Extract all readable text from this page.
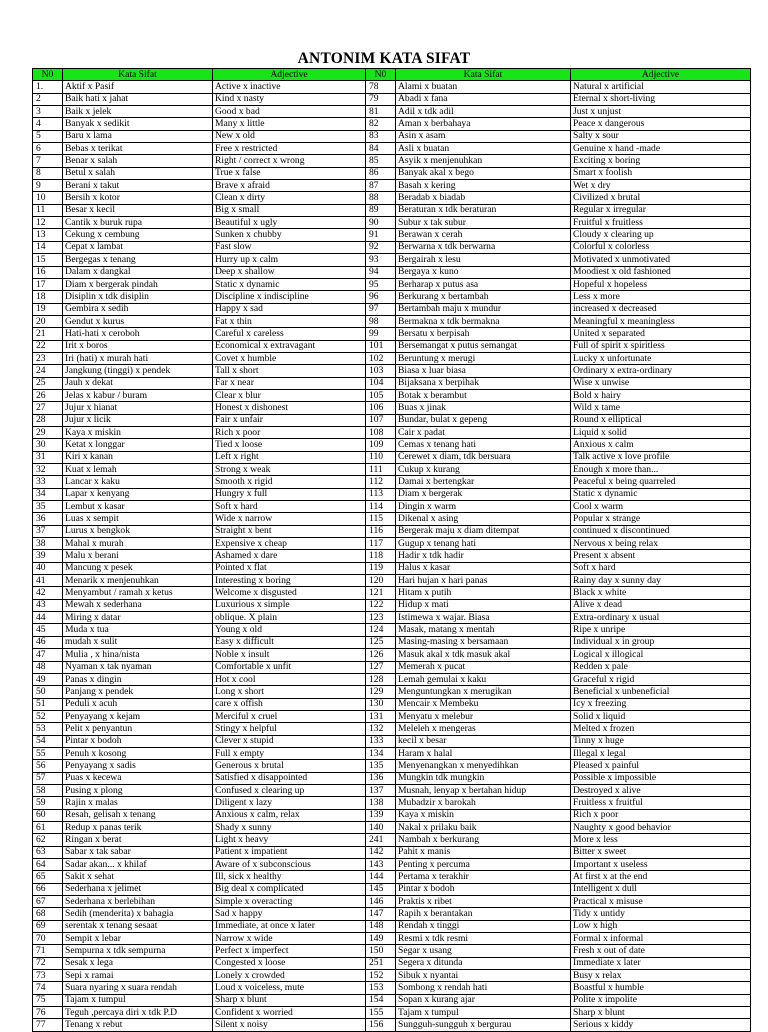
ANTONIM KATA SIFAT
N0	Kata Sifat	Adjective	N0	Kata Sifat	Adjective
1.	Aktif x Pasif	Active x inactive	78	Alami x buatan	Natural x artificial
2	Baik hati x jahat	Kind x nasty	79	Abadi x fana	Eternal x short-living
3	Baik x jelek	Good x bad	81	Adil x tdk adil	Just x unjust
4	Banyak x sedikit	Many x little	82	Aman x berbahaya	Peace x dangerous
5	Baru x lama	New x old	83	Asin x asam	Salty x sour
6	Bebas x terikat	Free x restricted	84	Asli x buatan	Genuine x hand -made
7	Benar x salah	Right / correct x wrong	85	Asyik x menjenuhkan	Exciting x boring
8	Betul x salah	True x false	86	Banyak akal x bego	Smart x foolish
9	Berani x takut	Brave x afraid	87	Basah x kering	Wet x dry
10	Bersih x kotor	Clean x dirty	88	Beradab x biadab	Civilized x brutal
11	Besar x kecil	Big x small	89	Beraturan x tdk beraturan	Regular x irregular
12	Cantik x buruk rupa	Beautiful x ugly	90	Subur x tak subur	Fruitful x fruitless
13	Cekung x cembung	Sunken x chubby	91	Berawan x cerah	Cloudy x clearing up
14	Cepat x lambat	Fast slow	92	Berwarna x tdk berwarna	Colorful x colorless
15	Bergegas x tenang	Hurry up x calm	93	Bergairah x lesu	Motivated x unmotivated
16	Dalam x dangkal	Deep x shallow	94	Bergaya x kuno	Moodiest x old fashioned
17	Diam x bergerak pindah	Static x dynamic	95	Berharap x putus asa	Hopeful x hopeless
18	Disiplin x tdk disiplin	Discipline x indiscipline	96	Berkurang x bertambah	Less x more
19	Gembira x sedih	Happy x sad	97	Bertambah maju x mundur	increased x decreased
20	Gendut x kurus	Fat x thin	98	Bermakna x tdk bermakna	Meaningful x meaningless
21	Hati-hati x ceroboh	Careful x careless	99	Bersatu x berpisah	United x separated
22	Irit x boros	Economical x extravagant	101	Bersemangat x putus semangat	Full of spirit x spiritless
23	Iri (hati) x murah hati	Covet x humble	102	Beruntung x merugi	Lucky x unfortunate
24	Jangkung (tinggi) x pendek	Tall x short	103	Biasa x luar biasa	Ordinary x extra-ordinary
25	Jauh x dekat	Far x near	104	Bijaksana x berpihak	Wise x unwise
26	Jelas x kabur / buram	Clear x blur	105	Botak x berambut	Bold x hairy
27	Jujur x hianat	Honest x dishonest	106	Buas x jinak	Wild x tame
28	Jujur x licik	Fair x unfair	107	Bundar, bulat x gepeng	Round x elliptical
29	Kaya x miskin	Rich x poor	108	Cair x padat	Liquid x solid
30	Ketat x longgar	Tied x loose	109	Cemas x tenang hati	Anxious x calm
31	Kiri x kanan	Left x right	110	Cerewet x diam, tdk bersuara	Talk active x love profile
32	Kuat x lemah	Strong x weak	111	Cukup x kurang	Enough x more than...
33	Lancar x kaku	Smooth x rigid	112	Damai x bertengkar	Peaceful x being quarreled
34	Lapar x kenyang	Hungry x full	113	Diam x bergerak	Static x dynamic
35	Lembut x kasar	Soft x hard	114	Dingin x warm	Cool x warm
36	Luas x sempit	Wide x narrow	115	Dikenal x asing	Popular x strange
37	Lurus x bengkok	Straight x bent	116	Bergerak maju x diam ditempat	continued x discontinued
38	Mahal x murah	Expensive x cheap	117	Gugup x tenang hati	Nervous x being relax
39	Malu x berani	Ashamed x dare	118	Hadir x tdk hadir	Present x absent
40	Mancung x pesek	Pointed x flat	119	Halus x kasar	Soft x hard
41	Menarik x menjenuhkan	Interesting x boring	120	Hari hujan x hari panas	Rainy day x sunny day
42	Menyambut / ramah x ketus	Welcome x disgusted	121	Hitam x putih	Black x white
43	Mewah x sederhana	Luxurious x simple	122	Hidup x mati	Alive x dead
44	Miring x datar	oblique. X plain	123	Istimewa x wajar. Biasa	Extra-ordinary x usual
45	Muda x tua	Young x old	124	Masak, matang x mentah	Ripe x unripe
46	mudah x sulit	Easy x difficult	125	Masing-masing x bersamaan	Individual x in group
47	Mulia , x hina/nista	Noble x insult	126	Masuk akal x tdk masuk akal	Logical x illogical
48	Nyaman x tak nyaman	Comfortable x unfit	127	Memerah x pucat	Redden x pale
49	Panas x dingin	Hot x cool	128	Lemah gemulai x kaku	Graceful x rigid
50	Panjang x pendek	Long x short	129	Menguntungkan x merugikan	Beneficial x unbeneficial
51	Peduli x acuh	care x offish	130	Mencair x Membeku	Icy x freezing
52	Penyayang x kejam	Merciful x cruel	131	Menyatu x melebur	Solid x liquid
53	Pelit x penyantun	Stingy x helpful	132	Meleleh x mengeras	Melted x frozen
54	Pintar x bodoh	Clever x stupid	133	kecil x besar	Tinny x huge
55	Penuh x kosong	Full x empty	134	Haram x halal	Illegal x legal
56	Penyayang x sadis	Generous x brutal	135	Menyenangkan x menyedihkan	Pleased x painful
57	Puas x kecewa	Satisfied x disappointed	136	Mungkin tdk mungkin	Possible x impossible
58	Pusing x plong	Confused x clearing up	137	Musnah, lenyap x bertahan hidup	Destroyed x alive
59	Rajin x malas	Diligent x lazy	138	Mubadzir x barokah	Fruitless x fruitful
60	Resah, gelisah x tenang	Anxious x calm, relax	139	Kaya x miskin	Rich x poor
61	Redup x panas terik	Shady x sunny	140	Nakal x prilaku baik	Naughty x good behavior
62	Ringan x berat	Light x heavy	241	Nambah x berkurang	More x less
63	Sabar x tak sabar	Patient x impatient	142	Pahit x manis	Bitter x sweet
64	Sadar akan... x khilaf	Aware of x subconscious	143	Penting x percuma	Important x useless
65	Sakit x sehat	Ill, sick x healthy	144	Pertama x terakhir	At first x at the end
66	Sederhana x jelimet	Big deal x complicated	145	Pintar x bodoh	Intelligent x dull
67	Sederhana x berlebihan	Simple x overacting	146	Praktis x ribet	Practical x misuse
68	Sedih (menderita) x bahagia	Sad x happy	147	Rapih x berantakan	Tidy x untidy
69	serentak x tenang sesaat	Immediate, at once x later	148	Rendah x tinggi	Low x high
70	Sempit x lebar	Narrow x wide	149	Resmi x tdk resmi	Formal x informal
71	Sempurna x tdk sempurna	Perfect x imperfect	150	Segar x usang	Fresh x out of date
72	Sesak x lega	Congested x loose	251	Segera x ditunda	Immediate x later
73	Sepi x ramai	Lonely x crowded	152	Sibuk x nyantai	Busy x relax
74	Suara nyaring x suara rendah	Loud x voiceless, mute	153	Sombong x rendah hati	Boastful x humble
75	Tajam x tumpul	Sharp x blunt	154	Sopan x kurang ajar	Polite x impolite
76	Teguh ,percaya diri x tdk P.D	Confident x worried	155	Tajam x tumpul	Sharp x blunt
77	Tenang x rebut	Silent x noisy	156	Sungguh-sungguh x bergurau	Serious x kiddy
